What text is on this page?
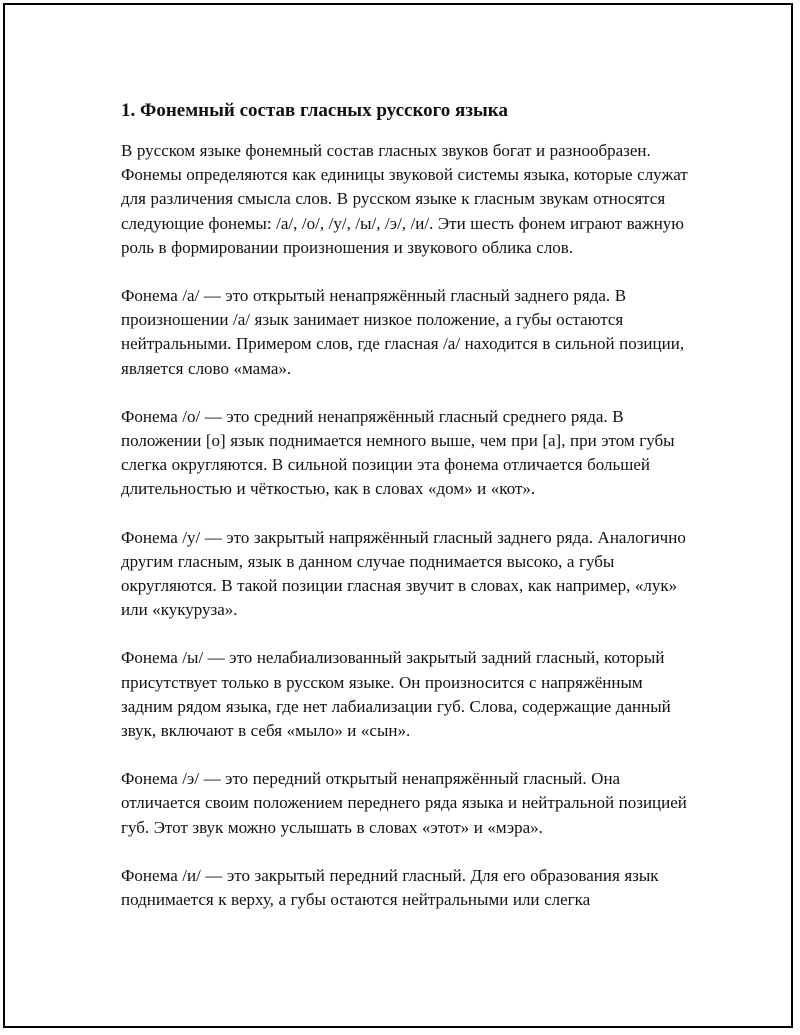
1. Фонемный состав гласных русского языка

В русском языке фонемный состав гласных звуков богат и разнообразен. Фонемы определяются как единицы звуковой системы языка, которые служат для различения смысла слов. В русском языке к гласным звукам относятся следующие фонемы: /а/, /о/, /у/, /ы/, /э/, /и/. Эти шесть фонем играют важную роль в формировании произношения и звукового облика слов.

Фонема /а/ — это открытый ненапряжённый гласный заднего ряда. В произношении /а/ язык занимает низкое положение, а губы остаются нейтральными. Примером слов, где гласная /а/ находится в сильной позиции, является слово «мама».

Фонема /о/ — это средний ненапряжённый гласный среднего ряда. В положении [о] язык поднимается немного выше, чем при [а], при этом губы слегка округляются. В сильной позиции эта фонема отличается большей длительностью и чёткостью, как в словах «дом» и «кот».

Фонема /у/ — это закрытый напряжённый гласный заднего ряда. Аналогично другим гласным, язык в данном случае поднимается высоко, а губы округляются. В такой позиции гласная звучит в словах, как например, «лук» или «кукуруза».

Фонема /ы/ — это нелабиализованный закрытый задний гласный, который присутствует только в русском языке. Он произносится с напряжённым задним рядом языка, где нет лабиализации губ. Слова, содержащие данный звук, включают в себя «мыло» и «сын».

Фонема /э/ — это передний открытый ненапряжённый гласный. Она отличается своим положением переднего ряда языка и нейтральной позицией губ. Этот звук можно услышать в словах «этот» и «мэра».

Фонема /и/ — это закрытый передний гласный. Для его образования язык поднимается к верху, а губы остаются нейтральными или слегка
